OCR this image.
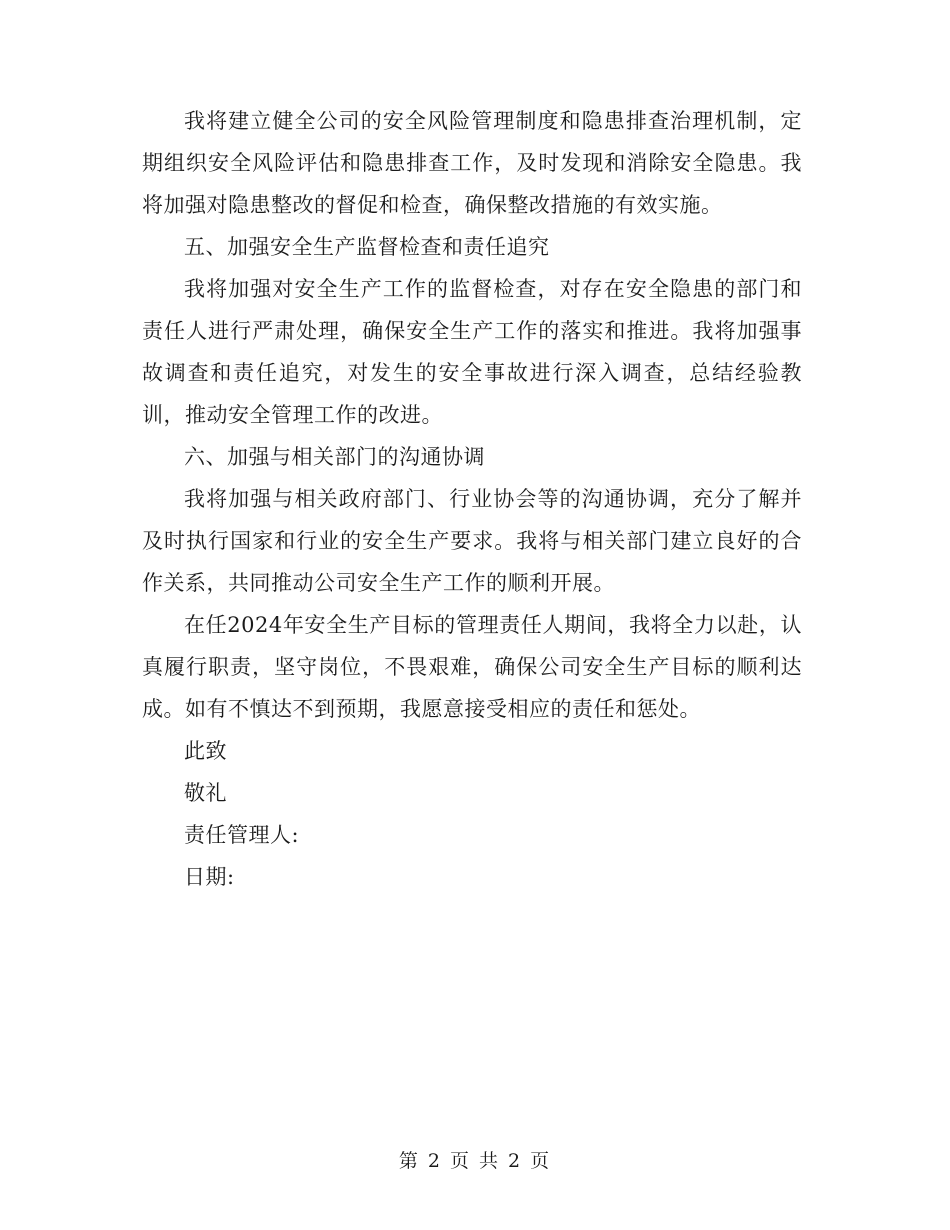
我将建立健全公司的安全风险管理制度和隐患排查治理机制，定期组织安全风险评估和隐患排查工作，及时发现和消除安全隐患。我将加强对隐患整改的督促和检查，确保整改措施的有效实施。

五、加强安全生产监督检查和责任追究

我将加强对安全生产工作的监督检查，对存在安全隐患的部门和责任人进行严肃处理，确保安全生产工作的落实和推进。我将加强事故调查和责任追究，对发生的安全事故进行深入调查，总结经验教训，推动安全管理工作的改进。

六、加强与相关部门的沟通协调

我将加强与相关政府部门、行业协会等的沟通协调，充分了解并及时执行国家和行业的安全生产要求。我将与相关部门建立良好的合作关系，共同推动公司安全生产工作的顺利开展。

在任2024年安全生产目标的管理责任人期间，我将全力以赴，认真履行职责，坚守岗位，不畏艰难，确保公司安全生产目标的顺利达成。如有不慎达不到预期，我愿意接受相应的责任和惩处。

此致

敬礼

责任管理人:

日期:

第 2 页 共 2 页
